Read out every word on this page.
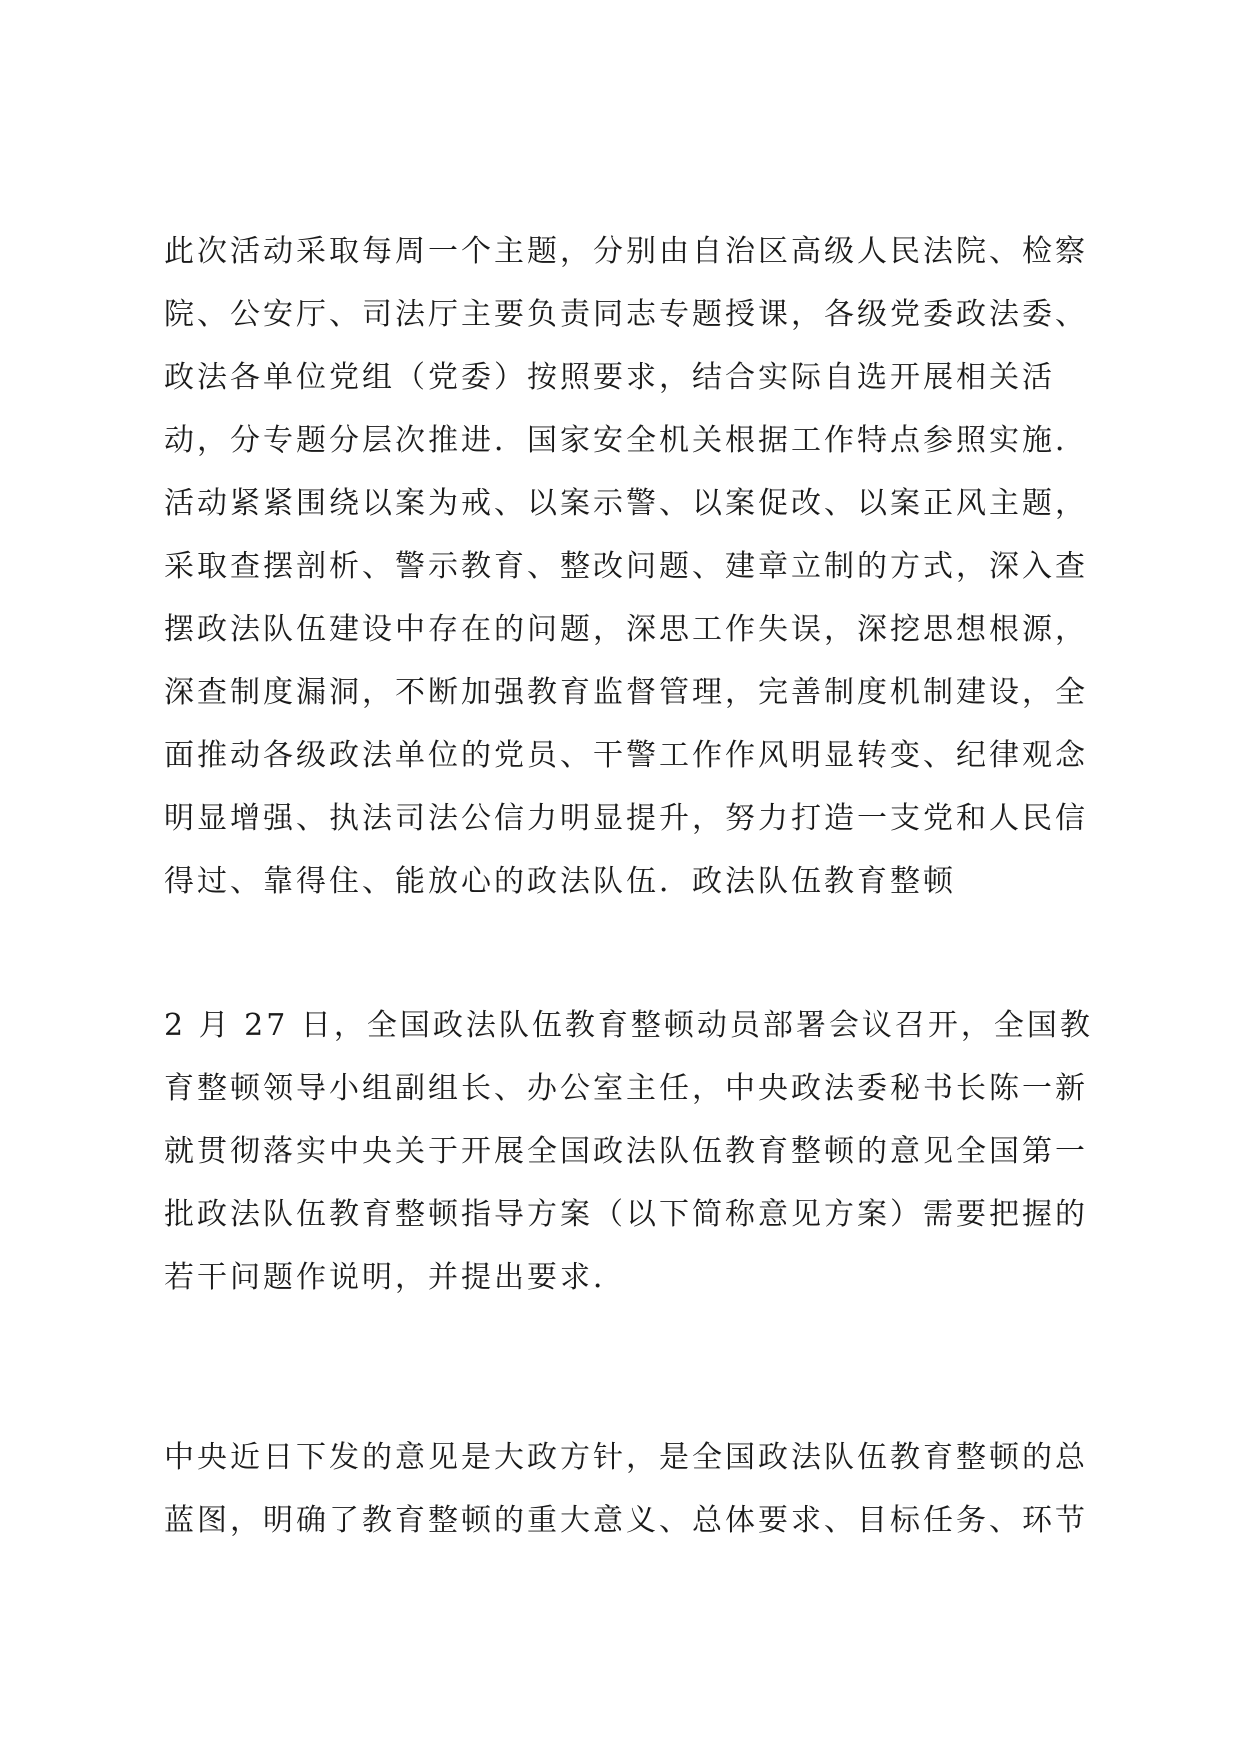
此次活动采取每周一个主题，分别由自治区高级人民法院、检察
院、公安厅、司法厅主要负责同志专题授课，各级党委政法委、
政法各单位党组（党委）按照要求，结合实际自选开展相关活
动，分专题分层次推进．国家安全机关根据工作特点参照实施．
活动紧紧围绕以案为戒、以案示警、以案促改、以案正风主题，
采取查摆剖析、警示教育、整改问题、建章立制的方式，深入查
摆政法队伍建设中存在的问题，深思工作失误，深挖思想根源，
深查制度漏洞，不断加强教育监督管理，完善制度机制建设，全
面推动各级政法单位的党员、干警工作作风明显转变、纪律观念
明显增强、执法司法公信力明显提升，努力打造一支党和人民信
得过、靠得住、能放心的政法队伍．政法队伍教育整顿
2 月 27 日，全国政法队伍教育整顿动员部署会议召开，全国教
育整顿领导小组副组长、办公室主任，中央政法委秘书长陈一新
就贯彻落实中央关于开展全国政法队伍教育整顿的意见全国第一
批政法队伍教育整顿指导方案（以下简称意见方案）需要把握的
若干问题作说明，并提出要求．
中央近日下发的意见是大政方针，是全国政法队伍教育整顿的总
蓝图，明确了教育整顿的重大意义、总体要求、目标任务、环节
